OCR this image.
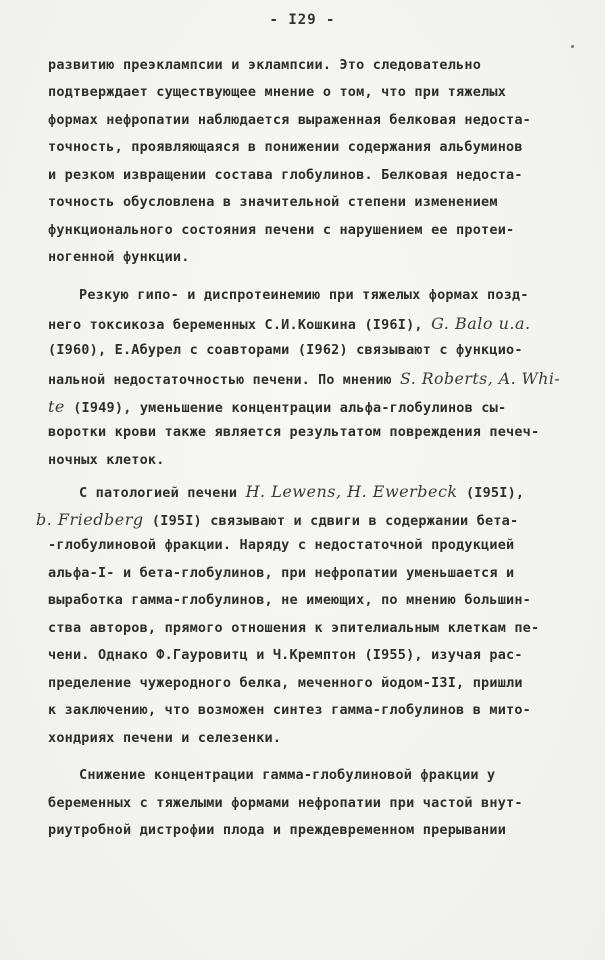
- I29 -
развитию преэклампсии и эклампсии. Это следовательно
подтверждает существующее мнение о том, что при тяжелых
формах нефропатии наблюдается выраженная белковая недоста-
точность, проявляющаяся в понижении содержания альбуминов
и резком извращении состава глобулинов. Белковая недоста-
точность обусловлена в значительной степени изменением
функционального состояния печени с нарушением ее протеи-
ногенной функции.
Резкую гипо- и диспротеинемию при тяжелых формах позд-
него токсикоза беременных С.И.Кошкина (I96I), G. Balo u.a.
(I960), Е.Абурел с соавторами (I962) связывают с функцио-
нальной недостаточностью печени. По мнению S. Roberts, A. Whi-
te (I949), уменьшение концентрации альфа-глобулинов сы-
воротки крови также является результатом повреждения печеч-
ночных клеток.
С патологией печени H. Lewens, H. Ewerbeck (I95I),
b. Friedberg (I95I) связывают и сдвиги в содержании бета-
-глобулиновой фракции. Наряду с недостаточной продукцией
альфа-I- и бета-глобулинов, при нефропатии уменьшается и
выработка гамма-глобулинов, не имеющих, по мнению большин-
ства авторов, прямого отношения к эпителиальным клеткам пе-
чени. Однако Ф.Гауровитц и Ч.Кремптон (I955), изучая рас-
пределение чужеродного белка, меченного йодом-I3I, пришли
к заключению, что возможен синтез гамма-глобулинов в мито-
хондриях печени и селезенки.
Снижение концентрации гамма-глобулиновой фракции у
беременных с тяжелыми формами нефропатии при частой внут-
риутробной дистрофии плода и преждевременном прерывании
